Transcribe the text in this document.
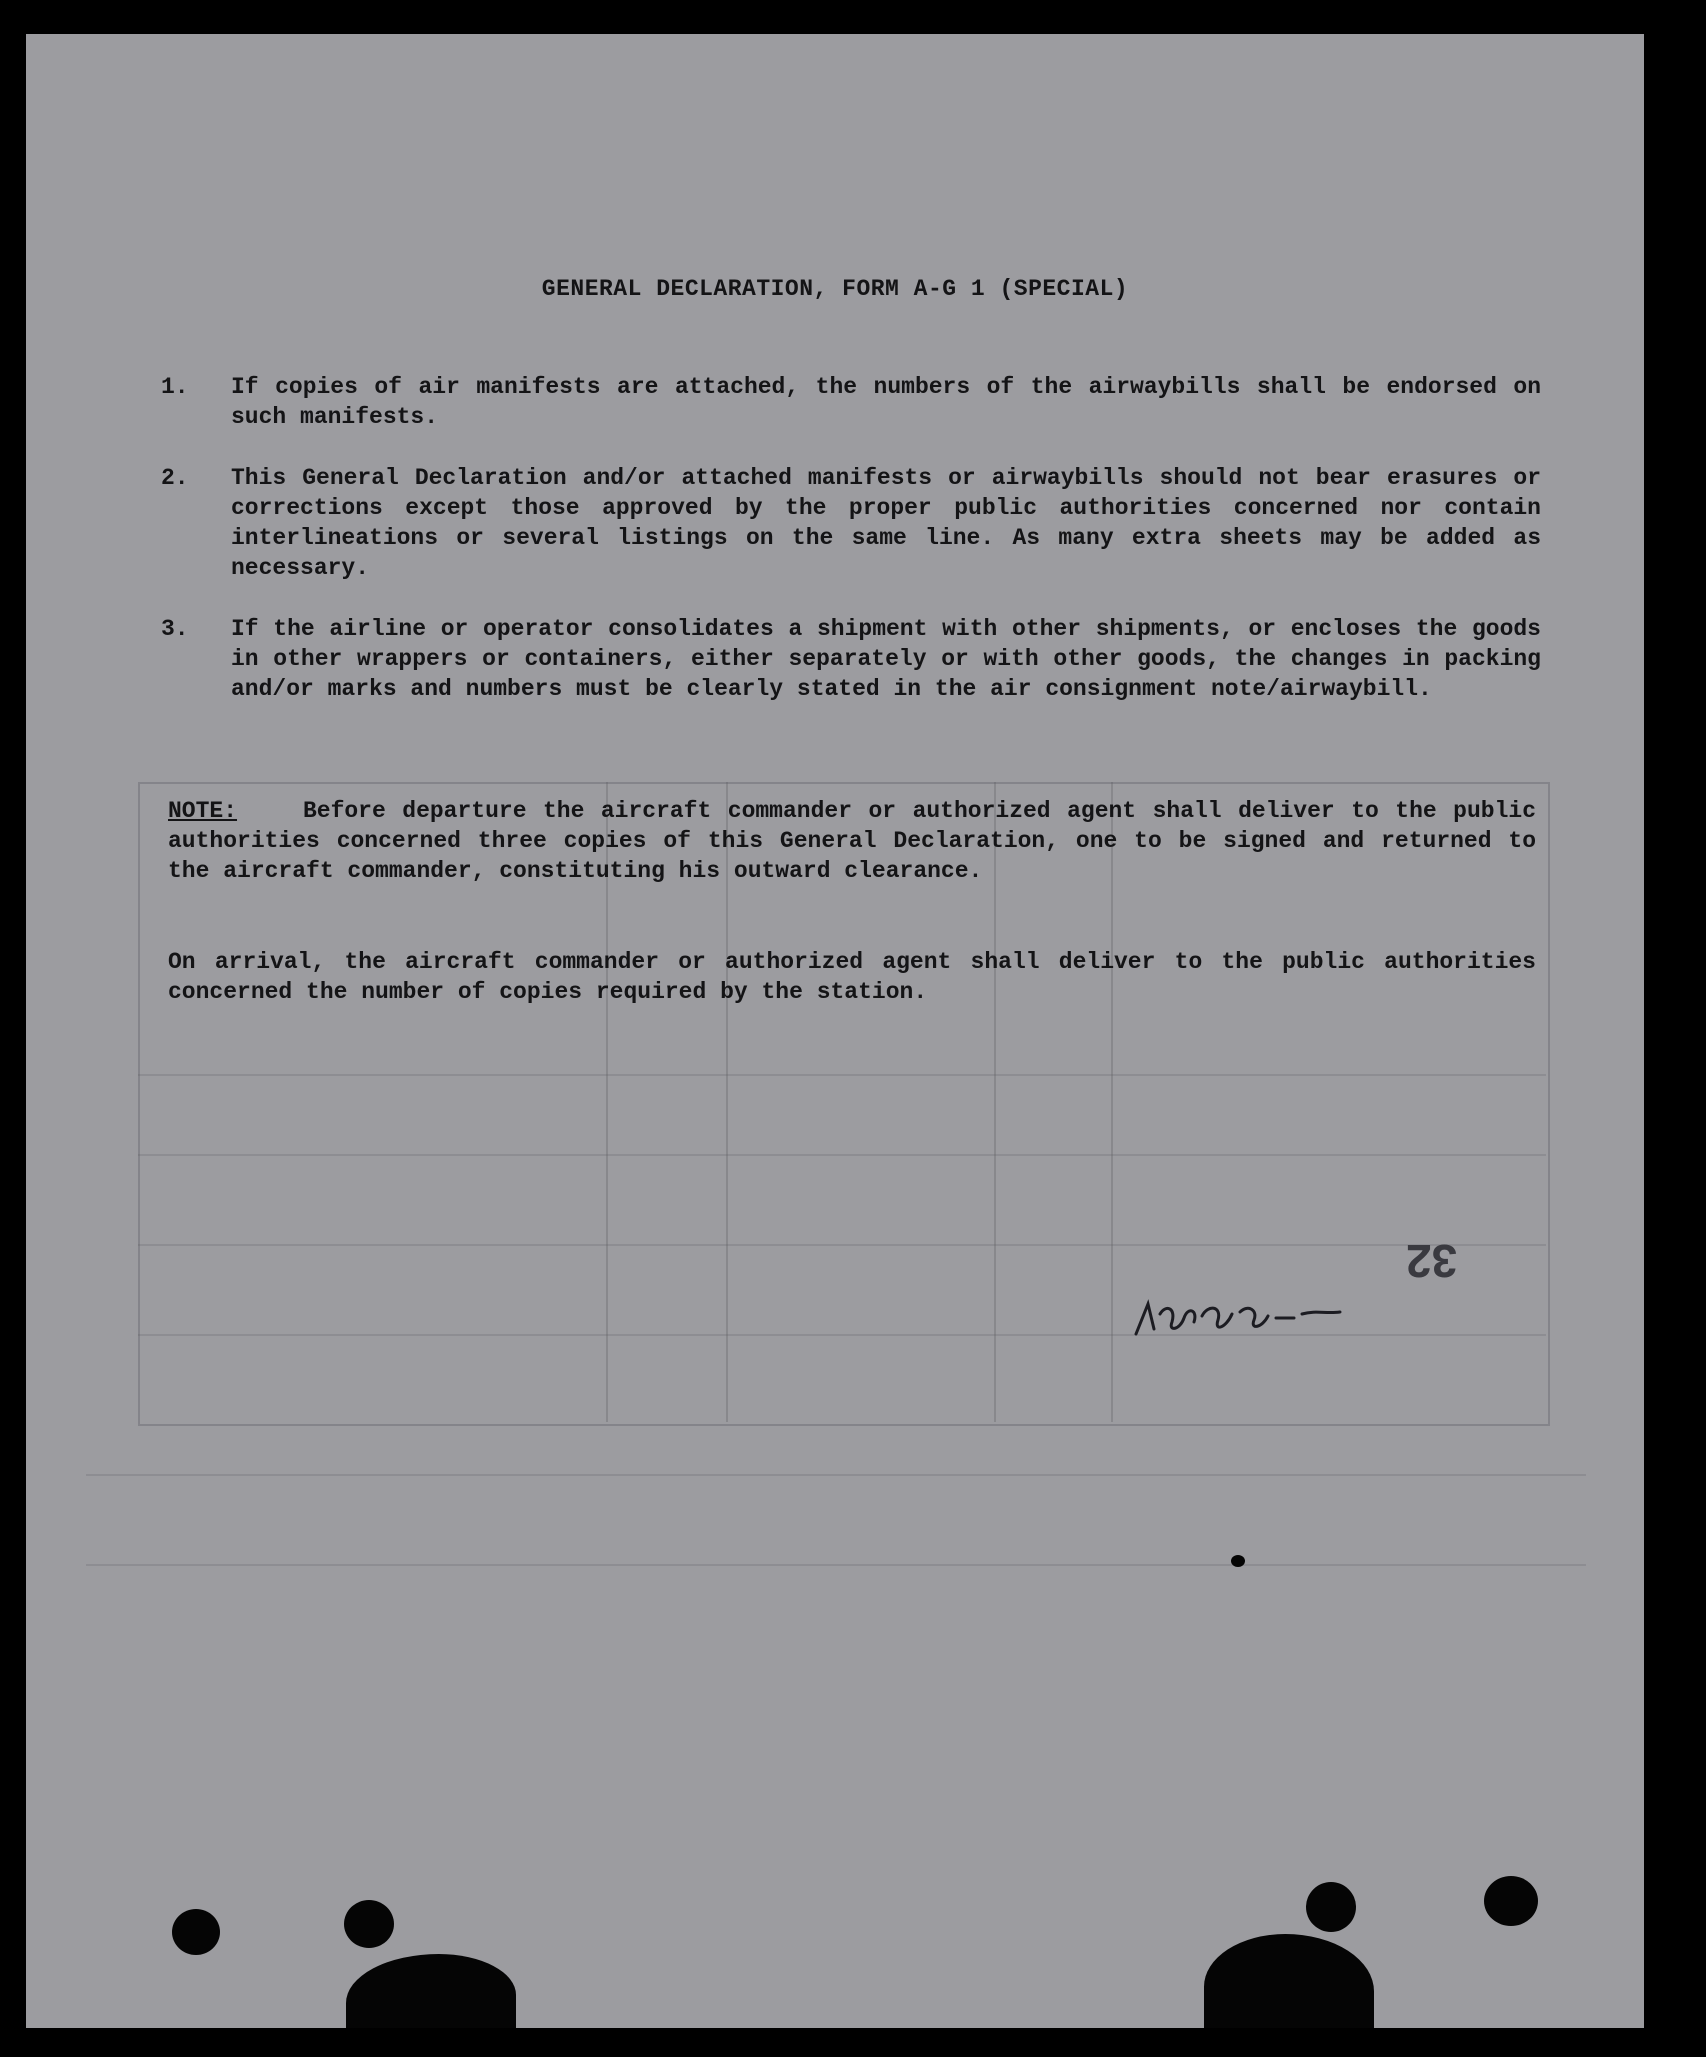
GENERAL DECLARATION, FORM A-G 1 (SPECIAL)
1.	If copies of air manifests are attached, the numbers of the airwaybills shall be endorsed on such manifests.
2.	This General Declaration and/or attached manifests or airwaybills should not bear erasures or corrections except those approved by the proper public authorities concerned nor contain interlineations or several listings on the same line. As many extra sheets may be added as necessary.
3.	If the airline or operator consolidates a shipment with other shipments, or encloses the goods in other wrappers or containers, either separately or with other goods, the changes in packing and/or marks and numbers must be clearly stated in the air consignment note/airwaybill.
NOTE:	Before departure the aircraft commander or authorized agent shall deliver to the public authorities concerned three copies of this General Declaration, one to be signed and returned to the aircraft commander, constituting his outward clearance.
On arrival, the aircraft commander or authorized agent shall deliver to the public authorities concerned the number of copies required by the station.
32
